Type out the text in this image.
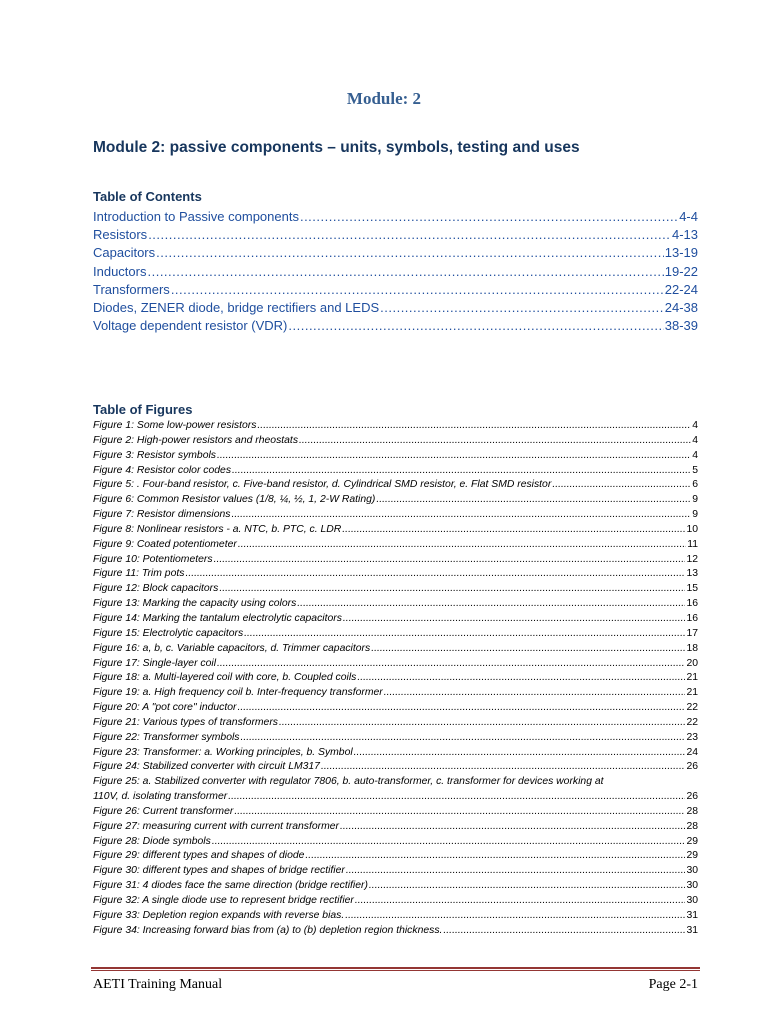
Module: 2
Module 2: passive components – units, symbols, testing and uses
Table of Contents
Introduction to Passive components .....	4-4
Resistors .....	4-13
Capacitors .....	13-19
Inductors .....	19-22
Transformers .....	22-24
Diodes, ZENER diode, bridge rectifiers and LEDS .....	24-38
Voltage dependent resistor (VDR) .....	38-39
Table of Figures
Figure 1: Some low-power resistors .....	4
Figure 2: High-power resistors and rheostats .....	4
Figure 3: Resistor symbols .....	4
Figure 4: Resistor color codes .....	5
Figure 5: . Four-band resistor, c. Five-band resistor, d. Cylindrical SMD resistor, e. Flat SMD resistor .....	6
Figure 6: Common Resistor values (1/8, ¼, ½, 1, 2-W Rating) .....	9
Figure 7: Resistor dimensions .....	9
Figure 8: Nonlinear resistors - a. NTC, b. PTC, c. LDR .....	10
Figure 9: Coated potentiometer .....	11
Figure 10: Potentiometers .....	12
Figure 11: Trim pots .....	13
Figure 12: Block capacitors .....	15
Figure 13: Marking the capacity using colors .....	16
Figure 14: Marking the tantalum electrolytic capacitors .....	16
Figure 15: Electrolytic capacitors .....	17
Figure 16: a, b, c. Variable capacitors, d. Trimmer capacitors .....	18
Figure 17: Single-layer coil .....	20
Figure 18: a. Multi-layered coil with core, b. Coupled coils .....	21
Figure 19: a. High frequency coil b. Inter-frequency transformer .....	21
Figure 20: A "pot core" inductor .....	22
Figure 21: Various types of transformers .....	22
Figure 22: Transformer symbols .....	23
Figure 23: Transformer: a. Working principles, b. Symbol .....	24
Figure 24: Stabilized converter with circuit LM317 .....	26
Figure 25: a. Stabilized converter with regulator 7806, b. auto-transformer, c. transformer for devices working at
110V, d. isolating transformer .....	26
Figure 26: Current transformer .....	28
Figure 27: measuring current with current transformer .....	28
Figure 28: Diode symbols .....	29
Figure 29: different types and shapes of diode .....	29
Figure 30: different types and shapes of bridge rectifier .....	30
Figure 31: 4 diodes face the same direction (bridge rectifier) .....	30
Figure 32: A single diode use to represent bridge rectifier .....	30
Figure 33: Depletion region expands with reverse bias. .....	31
Figure 34: Increasing forward bias from (a) to (b) depletion region thickness. .....	31
AETI Training Manual	Page 2-1
